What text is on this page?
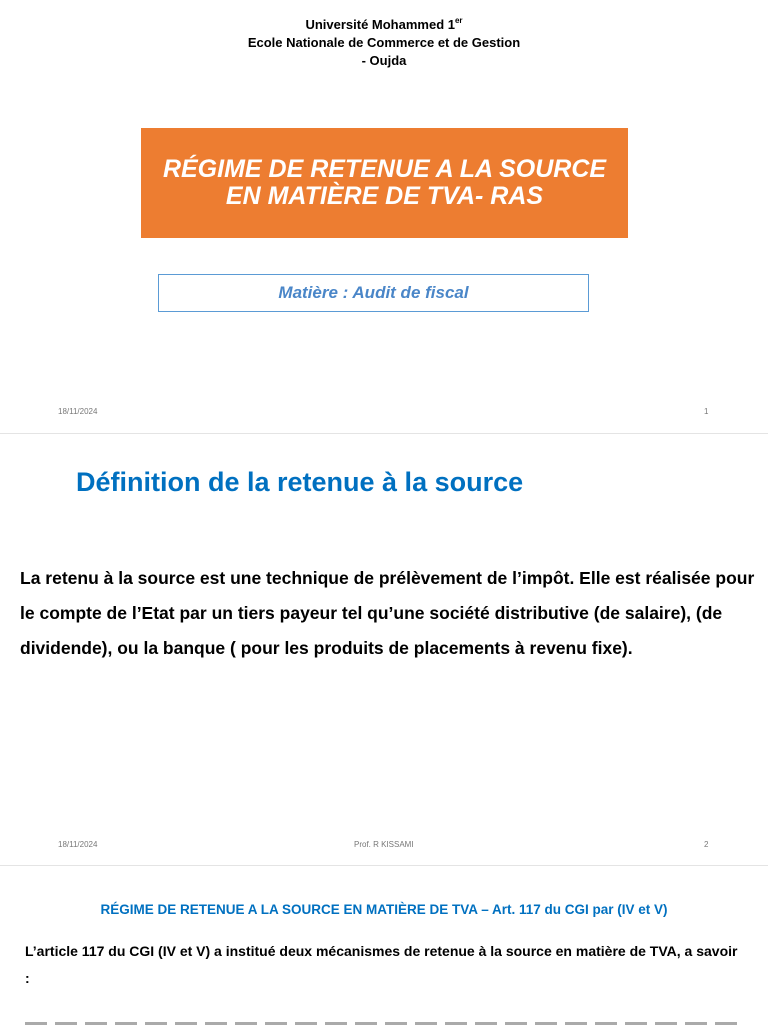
Université Mohammed 1er
Ecole Nationale de Commerce et de Gestion
- Oujda
RÉGIME DE RETENUE A LA SOURCE
EN MATIÈRE DE TVA- RAS
Matière : Audit de fiscal
18/11/2024	1
Définition de la retenue à la source
La retenu à la source est une technique de prélèvement de l’impôt. Elle est réalisée pour le compte de l’Etat par un tiers payeur tel qu’une société distributive (de salaire), (de dividende), ou la banque ( pour les produits de placements à revenu fixe).
18/11/2024	Prof. R KISSAMI	2
RÉGIME DE RETENUE A LA SOURCE EN MATIÈRE DE TVA – Art. 117 du CGI par (IV et V)
L’article 117 du CGI (IV et V) a institué deux mécanismes de retenue à la source en matière de TVA, a savoir :
